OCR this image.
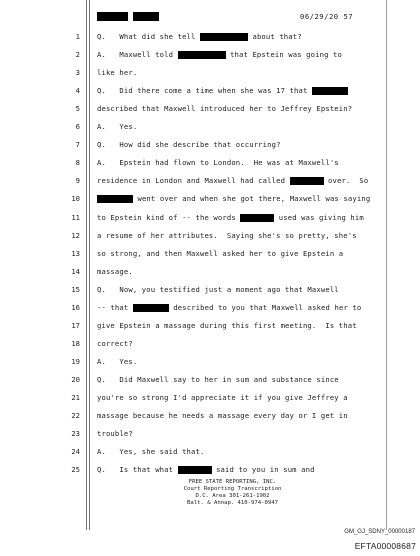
06/29/20 57
1 Q.   What did she tell	about that?
2 A.   Maxwell told	that Epstein was going to
3 like her.
4 Q.   Did there come a time when she was 17 that
5 described that Maxwell introduced her to Jeffrey Epstein?
6 A.   Yes.
7 Q.   How did she describe that occurring?
8 A.   Epstein had flown to London.  He was at Maxwell's
9 residence in London and Maxwell had called	over.  So
10	went over and when she got there, Maxwell was saying
11 to Epstein kind of -- the words	used was giving him
12 a resume of her attributes.  Saying she's so pretty, she's
13 so strong, and then Maxwell asked her to give Epstein a
14 massage.
15 Q.   Now, you testified just a moment ago that Maxwell
16 -- that	described to you that Maxwell asked her to
17 give Epstein a massage during this first meeting.  Is that
18 correct?
19 A.   Yes.
20 Q.   Did Maxwell say to her in sum and substance since
21 you're so strong I'd appreciate it if you give Jeffrey a
22 massage because he needs a massage every day or I get in
23 trouble?
24 A.   Yes, she said that.
25 Q.   Is that what	said to you in sum and
FREE STATE REPORTING, INC.
Court Reporting Transcription
D.C. Area 301-261-1902
Balt. & Annap. 410-974-0947
GM_GJ_SDNY_00000187
EFTA00008687
